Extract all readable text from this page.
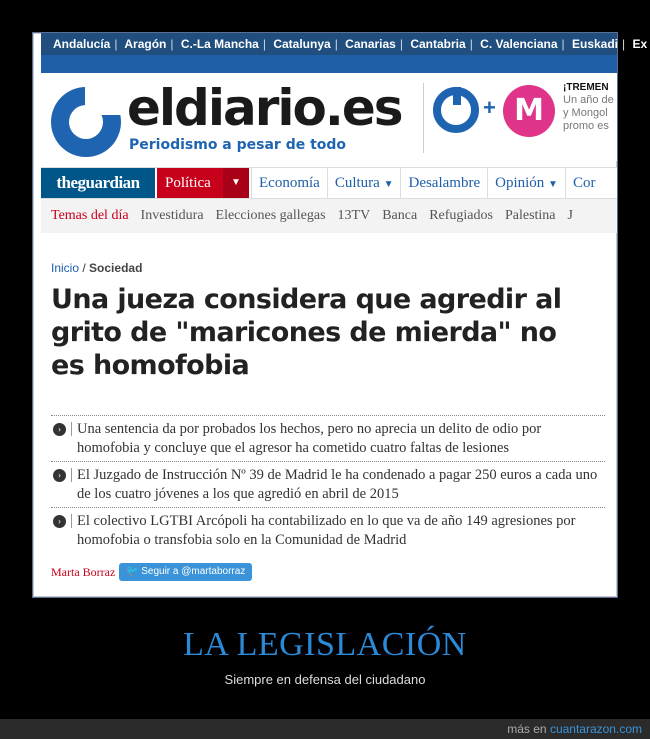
Andalucía | Aragón | C.-La Mancha | Catalunya | Canarias | Cantabria | C. Valenciana | Euskadi | Ex
eldiario.es
Periodismo a pesar de todo
+ M
¡TREMEN
Un año de
y Mongol
promo es
theguardian	Política	▼	Economía Cultura ▼ Desalambre Opinión ▼ Cor
Temas del día Investidura Elecciones gallegas 13TV Banca Refugiados Palestina J
Inicio / Sociedad
Una jueza considera que agredir al grito de "maricones de mierda" no es homofobia
›	Una sentencia da por probados los hechos, pero no aprecia un delito de odio por homofobia y concluye que el agresor ha cometido cuatro faltas de lesiones
›	El Juzgado de Instrucción Nº 39 de Madrid le ha condenado a pagar 250 euros a cada uno de los cuatro jóvenes a los que agredió en abril de 2015
›	El colectivo LGTBI Arcópoli ha contabilizado en lo que va de año 149 agresiones por homofobia o transfobia solo en la Comunidad de Madrid
Marta Borraz	🐦 Seguir a @martaborraz
LA LEGISLACIÓN
Siempre en defensa del ciudadano
más en cuantarazon.com
